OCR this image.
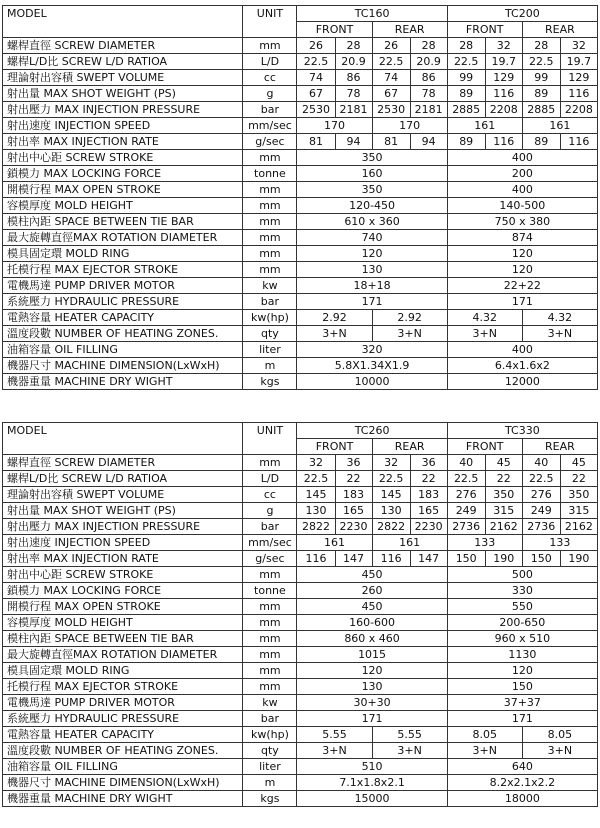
MODEL	UNIT	TC160				TC200			
		FRONT		REAR		FRONT		REAR	
螺桿直徑 SCREW DIAMETER	mm	26	28	26	28	28	32	28	32
螺桿L/D比 SCREW L/D RATIOA	L/D	22.5	20.9	22.5	20.9	22.5	19.7	22.5	19.7
理論射出容積 SWEPT VOLUME	cc	74	86	74	86	99	129	99	129
射出量 MAX SHOT WEIGHT (PS)	g	67	78	67	78	89	116	89	116
射出壓力 MAX INJECTION PRESSURE	bar	2530	2181	2530	2181	2885	2208	2885	2208
射出速度 INJECTION SPEED	mm/sec	170		170		161		161	
射出率 MAX INJECTION RATE	g/sec	81	94	81	94	89	116	89	116
射出中心距 SCREW STROKE	mm	350				400			
鎖模力 MAX LOCKING FORCE	tonne	160				200			
開模行程 MAX OPEN STROKE	mm	350				400			
容模厚度 MOLD HEIGHT	mm	120-450				140-500			
模柱內距 SPACE BETWEEN TIE BAR	mm	610 x 360				750 x 380			
最大旋轉直徑MAX ROTATION DIAMETER	mm	740				874			
模具固定環 MOLD RING	mm	120				120			
托模行程 MAX EJECTOR STROKE	mm	130				120			
電機馬達 PUMP DRIVER MOTOR	kw	18+18				22+22			
系統壓力 HYDRAULIC PRESSURE	bar	171				171			
電熱容量 HEATER CAPACITY	kw(hp)	2.92		2.92		4.32		4.32	
溫度段數 NUMBER OF HEATING ZONES.	qty	3+N		3+N		3+N		3+N	
油箱容量 OIL FILLING	liter	320				400			
機器尺寸 MACHINE DIMENSION(LxWxH)	m	5.8X1.34X1.9				6.4x1.6x2			
機器重量 MACHINE DRY WIGHT	kgs	10000				12000			
MODEL	UNIT	TC260				TC330			
		FRONT		REAR		FRONT		REAR	
螺桿直徑 SCREW DIAMETER	mm	32	36	32	36	40	45	40	45
螺桿L/D比 SCREW L/D RATIOA	L/D	22.5	22	22.5	22	22.5	22	22.5	22
理論射出容積 SWEPT VOLUME	cc	145	183	145	183	276	350	276	350
射出量 MAX SHOT WEIGHT (PS)	g	130	165	130	165	249	315	249	315
射出壓力 MAX INJECTION PRESSURE	bar	2822	2230	2822	2230	2736	2162	2736	2162
射出速度 INJECTION SPEED	mm/sec	161		161		133		133	
射出率 MAX INJECTION RATE	g/sec	116	147	116	147	150	190	150	190
射出中心距 SCREW STROKE	mm	450				500			
鎖模力 MAX LOCKING FORCE	tonne	260				330			
開模行程 MAX OPEN STROKE	mm	450				550			
容模厚度 MOLD HEIGHT	mm	160-600				200-650			
模柱內距 SPACE BETWEEN TIE BAR	mm	860 x 460				960 x 510			
最大旋轉直徑MAX ROTATION DIAMETER	mm	1015				1130			
模具固定環 MOLD RING	mm	120				120			
托模行程 MAX EJECTOR STROKE	mm	130				150			
電機馬達 PUMP DRIVER MOTOR	kw	30+30				37+37			
系統壓力 HYDRAULIC PRESSURE	bar	171				171			
電熱容量 HEATER CAPACITY	kw(hp)	5.55		5.55		8.05		8.05	
溫度段數 NUMBER OF HEATING ZONES.	qty	3+N		3+N		3+N		3+N	
油箱容量 OIL FILLING	liter	510				640			
機器尺寸 MACHINE DIMENSION(LxWxH)	m	7.1x1.8x2.1				8.2x2.1x2.2			
機器重量 MACHINE DRY WIGHT	kgs	15000				18000			
